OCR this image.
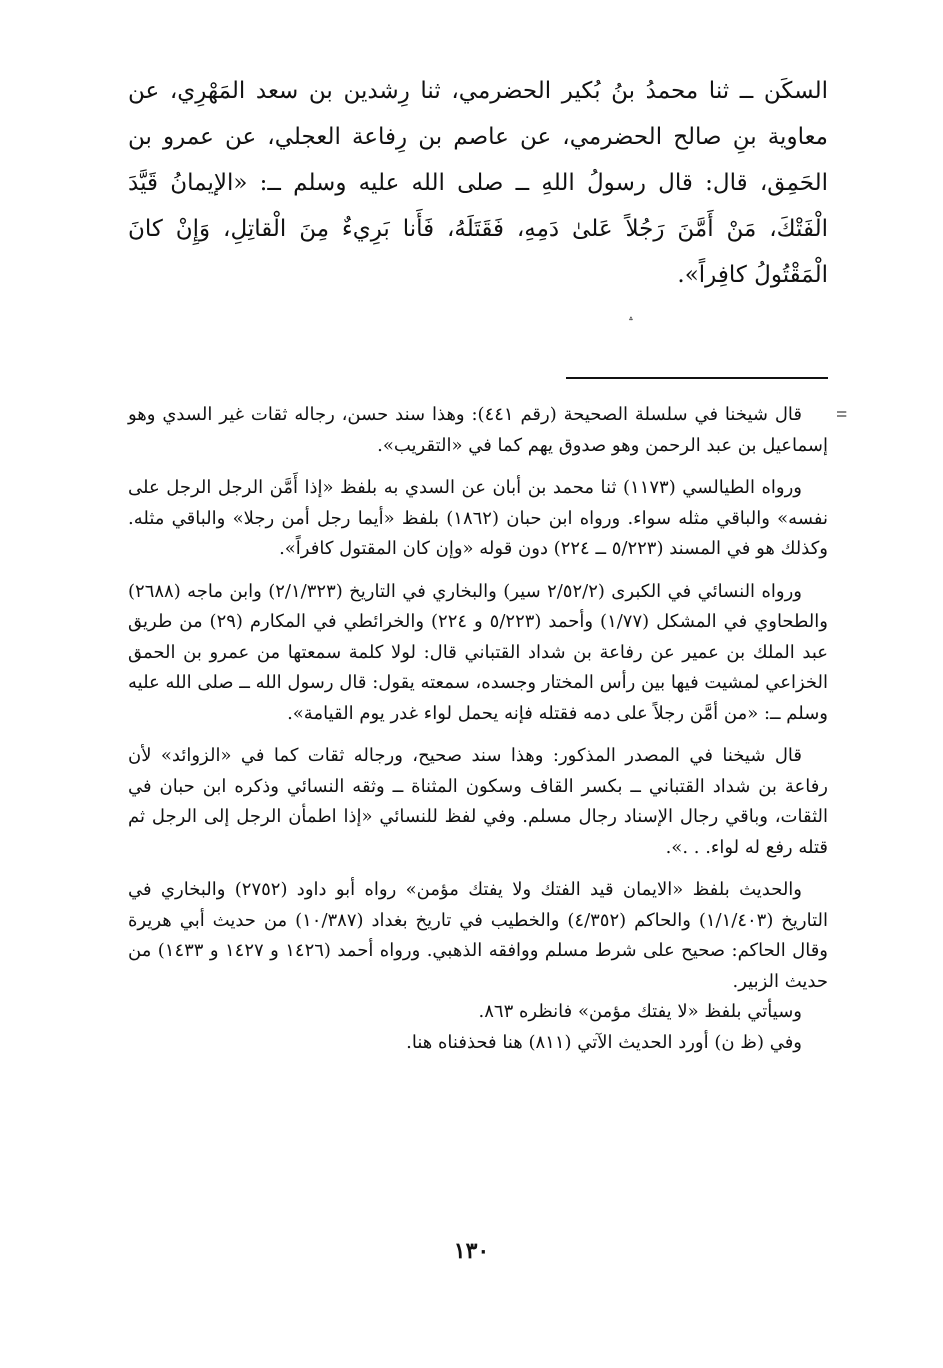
السكَن ــ ثنا محمدُ بنُ بُكير الحضرمي، ثنا رِشدين بن سعد المَهْرِي، عن معاوية بنِ صالح الحضرمي، عن عاصم بن رِفاعة العجلي، عن عمرو بن الحَمِق، قال: قال رسولُ اللهِ ــ صلى الله عليه وسلم ــ: «الإيمانُ قَيَّدَ الْفَتْكَ، مَنْ أَمَّنَ رَجُلاً عَلىٰ دَمِهِ، فَقَتَلَهُ، فَأَنا بَرِيءٌ مِنَ الْقاتِلِ، وَإِنْ كانَ الْمَقْتُولُ كافِراً».
؞
=

قال شيخنا في سلسلة الصحيحة (رقم ٤٤١): وهذا سند حسن، رجاله ثقات غير السدي وهو إسماعيل بن عبد الرحمن وهو صدوق يهم كما في «التقريب».

ورواه الطيالسي (١١٧٣) ثنا محمد بن أبان عن السدي به بلفظ «إذا أَمَّن الرجل الرجل على نفسه» والباقي مثله سواء. ورواه ابن حبان (١٨٦٢) بلفظ «أيما رجل أمن رجلا» والباقي مثله. وكذلك هو في المسند (٥/٢٢٣ ــ ٢٢٤) دون قوله «وإن كان المقتول كافراً».

ورواه النسائي في الكبرى (٢/٥٢/٢ سير) والبخاري في التاريخ (٢/١/٣٢٣) وابن ماجه (٢٦٨٨) والطحاوي في المشكل (١/٧٧) وأحمد (٥/٢٢٣ و ٢٢٤) والخرائطي في المكارم (٢٩) من طريق عبد الملك بن عمير عن رفاعة بن شداد القتباني قال: لولا كلمة سمعتها من عمرو بن الحمق الخزاعي لمشيت فيها بين رأس المختار وجسده، سمعته يقول: قال رسول الله ــ صلى الله عليه وسلم ــ: «من أمَّن رجلاً على دمه فقتله فإنه يحمل لواء غدر يوم القيامة».

قال شيخنا في المصدر المذكور: وهذا سند صحيح، ورجاله ثقات كما في «الزوائد» لأن رفاعة بن شداد القتباني ــ بكسر القاف وسكون المثناة ــ وثقه النسائي وذكره ابن حبان في الثقات، وباقي رجال الإسناد رجال مسلم. وفي لفظ للنسائي «إذا اطمأن الرجل إلى الرجل ثم قتله رفع له لواء. . .».

والحديث بلفظ «الايمان قيد الفتك ولا يفتك مؤمن» رواه أبو داود (٢٧٥٢) والبخاري في التاريخ (١/١/٤٠٣) والحاكم (٤/٣٥٢) والخطيب في تاريخ بغداد (١٠/٣٨٧) من حديث أبي هريرة وقال الحاكم: صحيح على شرط مسلم ووافقه الذهبي. ورواه أحمد (١٤٢٦ و ١٤٢٧ و ١٤٣٣) من حديث الزبير.

وسيأتي بلفظ «لا يفتك مؤمن» فانظره ٨٦٣.

وفي (ظ ن) أورد الحديث الآتي (٨١١) هنا فحذفناه هنا.

١٣٠
